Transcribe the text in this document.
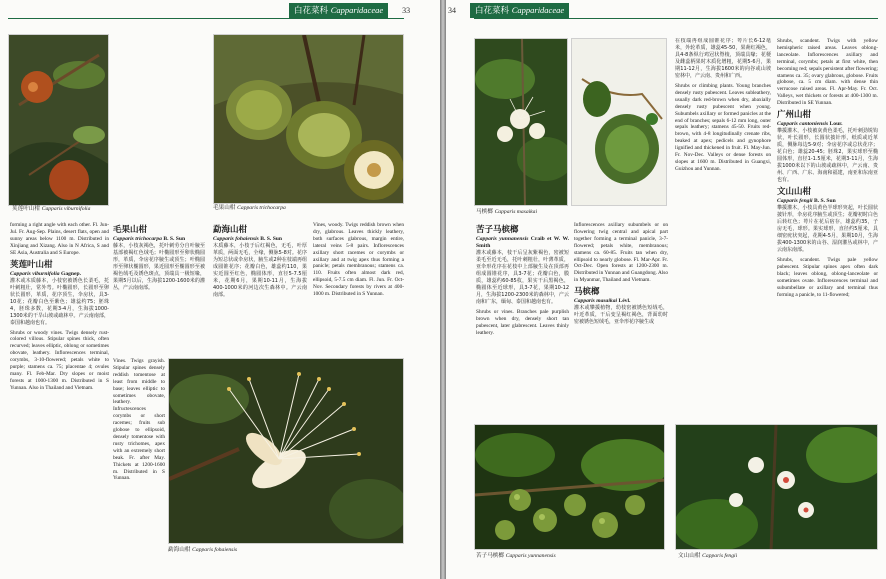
白花菜科 Capparidaceae	33
荚莲叶山柑 Capparis viburnifolia	毛果山柑 Capparis trichocarpa
勐海山柑 Capparis fohaiensis

forming a right angle with each other. Fl. Jun-Jul. Fr. Aug-Sep. Plains, desert flats, open and sunny areas below 1100 m. Distributed in Xinjiang and Xizang. Also in N Africa, S and SE Asia, Australia and S Europe.

荚莲叶山柑
Capparis viburnifolia Gagnep.

灌木或木质藤本，小枝密被锈色长柔毛，托叶刺粗壮，常外弯。叶椭圆形，长圆形至卵状长圆形，革质，花序顶生，伞房状，具3-10花；花瓣白色至紫色；雄蕊约75；胚珠4，胚珠多数，花期3-4月，生海拔1000-1300米的干旱山坡或疏林中。产云南南部，泰国和越南也有。

Shrubs or woody vines. Twigs densely rust-colored villous. Stipular spines thick, often recurved; leaves elliptic, oblong or sometimes obovate, leathery. Inflorescences terminal, corymbs, 3-10-flowered; petals white to purple; stamens ca. 75; placentae 4; ovules many. Fl. Feb-Mar. Dry slopes or moist forests at 1000-1300 m. Distributed in S Yunnan. Also in Thailand and Vietnam.

毛果山柑
Capparis trichocarpa B. S. Sun

藤本，小枝灰褐色，托叶刺劳分自叶腋至基部被褐红色绒毛；叶椭圆形至卵状椭圆形，革质，伞房花序腋生或顶生；叶椭圆形至卵状椭圆形，果近圆形至椭圆形至被褐色绒毛及锈色斑点，顶端具一极短喙，果期5月以后，生海拔1200-1600米的灌丛，产云南南部。

Vines. Twigs grayish. Stipular spines densely reddish tomentose at least from middle to base; leaves elliptic to sometimes obovate, leathery. Infructescences corymbs or short racemes; fruits sub globose to ellipsoid, densely tomentose with rusty trichomes, apex with an extremely short beak. Fr. after May. Thickets at 1200-1600 m. Distributed in S Yunnan.

勐海山柑
Capparis fohaiensis B. S. Sun

木质藤本，小枝于后红褐色，无毛，叶厚革质，两面无毛，全缘，侧脉5-8对。花序为短总状或伞房状，腋生或2种在枝端再组成圆锥花序；花瓣白色，雄蕊约110，果实近圆至红色，椭圆体形，直径5-7.5厘米，花期6月，果期10-11月，生海拔400-1000米的河边次生森林中。产云南南部。

Vines, woody. Twigs reddish brown when dry, glabrous. Leaves thickly leathery, both surfaces glabrous, margin entire, lateral veins 5-8 pairs. Inflorescences axillary short racemes or corymbs or axillary and at twig apex thus forming a panicle; petals membranous; stamens ca. 110. Fruits often almost dark red, ellipsoid, 5-7.5 cm diam. Fl. Jun. Fr. Oct-Nov. Secondary forests by rivers at 400-1000 m. Distributed in S Yunnan.

34	白花菜科 Capparidaceae
马槟榔 Capparis masaikai
苦子马槟榔 Capparis yunnanensis	文山山柑 Capparis fengii
苦子马槟榔
Capparis yunnanensis Craib et W. W. Smith

灌木或藤本，枝干后呈灰紫褐色，密被短柔毛至近无毛，托叶刺粗壮，叶薄革质，亚伞形花序在花枝中上部腋生及在顶部再组成圆锥花序，具3-7花；花瓣白色，膜质，雄蕊约60-85枚，果实干后黑褐色，椭圆体至近球形，具3-7花，果期10-12月，生海拔1200-2300米的森林中，产云南和广东，缅甸、泰国和越南也有。

Shrubs or vines. Branches pale purplish brown when dry, densely short tan pubescent, later glabrescent. Leaves thinly leathery.

Inflorescences axillary subumbels or on flowering twig central and apical part together forming a terminal panicle, 3-7-flowered; petals white, membranous; stamens ca. 60-85. Fruits tan when dry, ellipsoid to nearly globose. Fl. Mar-Apr. Fr. Oct-Dec. Open forests at 1200-2300 m. Distributed in Yunnan and Guangdong. Also in Myanmar, Thailand and Vietnam.

马槟榔
Capparis masaikai Lévl.

灌木或攀援植物，幼枝密被锈色短绒毛，叶近革质，干后变呈褐红褐色，背面幼时密被锈色短绒毛，亚伞形花序腋生或

在枝端再组成圆锥花序；萼片长6-12毫米，外轮革质，雄蕊45-50，果蒴红褐色，具4-8条纵行鸡冠状脊棱，顶端具喙；花梗及雌蕊柄果时木质化增粗，花期5-6月，果期11-12月，生海拔1600米的向谷或山坡密林中，产云南、贵州和广西。

Shrubs or climbing plants. Young branches densely rusty pubescent. Leaves subleathery, usually dark red-brown when dry, abaxially densely rusty pubescent when young. Subumbels axillary or formed panicles at the end of branches; sepals 6-12 mm long, outer sepals leathery; stamens 45-50. Fruits red-brown, with 4-8 longitudinally crenate ribs, beaked at apex; pedicels and gynophore lignified and thickened in fruit. Fl. May-Jun. Fr. Nov-Dec. Valleys or dense forests on slopes at 1600 m. Distributed in Guangxi, Guizhou and Yunnan.

Shrubs, scandent. Twigs with yellow hemispheric raised areas. Leaves oblong-lanceolate. Inflorescences axillary and terminal, corymbs; petals at first white, then becoming red; sepals persistent after flowering; stamens ca. 35; ovary glabrous, globose. Fruits globose, ca. 5 cm diam. with dense thin verrucose raised areas. Fl. Apr-May. Fr. Oct. Valleys, wet thickets or forests at 400-1300 m. Distributed in SE Yunnan.

广州山柑
Capparis cantoniensis Lour.

攀援灌木，小枝被灰黄色柔毛，托叶刺劲锐钩状，叶长圆形，长圆状披针形，纸质或近革质，侧脉每边5-9对；伞房花序或总状花序；花白色；雄蕊20-45；胚珠2，果实球形至椭圆体形，直径1-1.5厘米，花期3-11月，生海拔1000米以下的山坡或疏林中，产云南、贵州、广西、广东、海南和福建，南亚和东南亚也有。

文山山柑
Capparis fengii B. S. Sun

攀援灌木，小枝具黄色半球形突起，叶长圆状披针形，伞房花序腋生或顶生；花瓣初时白色后转红色；萼片在花后宿存，雄蕊约35，子房无毛，球形。果实球形，直径约5厘米，具细密疣状突起，花期4-5月，果期10月，生海拔400-1300米的山谷、湿润灌丛或林中，产云南东南部。

Shrubs, scandent. Twigs pale yellow pubescent. Stipular spines apex often dark black; leaves oblong, oblong-lanceolate or sometimes ovate. Inflorescences terminal and subumbellate or axillary and terminal thus forming a panicle, to 11-flowered;
